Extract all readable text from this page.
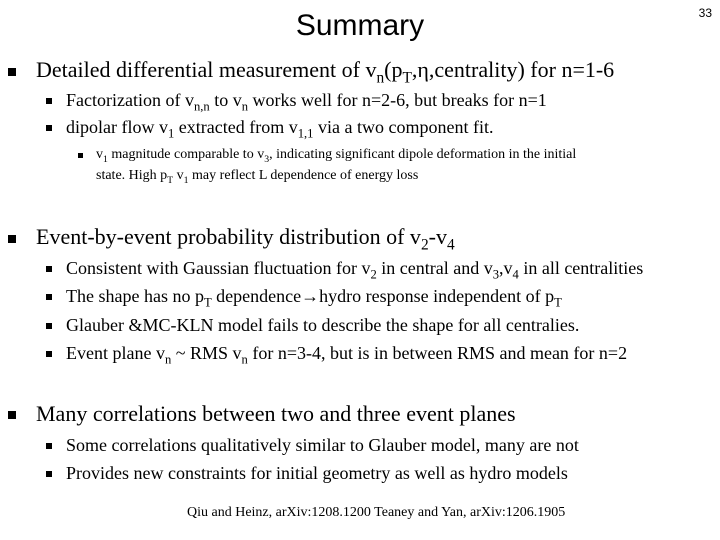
Summary	33
Detailed differential measurement of $v_n(p_T,\eta,centrality)$ for n=1-6
Factorization of $v_{n,n}$ to $v_n$ works well for n=2-6, but breaks for n=1
dipolar flow $v_1$ extracted from $v_{1,1}$ via a two component fit.
$v_1$ magnitude comparable to $v_3$, indicating significant dipole deformation in the initial
state. High $p_T$ $v_1$ may reflect L dependence of energy loss
Event-by-event probability distribution of $v_2-v_4$
Consistent with Gaussian fluctuation for $v_2$ in central and $v_3,v_4$ in all centralities
The shape has no $p_T$ dependence→hydro response independent of $p_T$
Glauber &MC-KLN model fails to describe the shape for all centralies.
Event plane $v_n$ ~ RMS $v_n$ for n=3-4, but is in between RMS and mean for n=2
Many correlations between two and three event planes
Some correlations qualitatively similar to Glauber model, many are not
Provides new constraints for initial geometry as well as hydro models
Qiu and Heinz, arXiv:1208.1200 Teaney and Yan, arXiv:1206.1905
